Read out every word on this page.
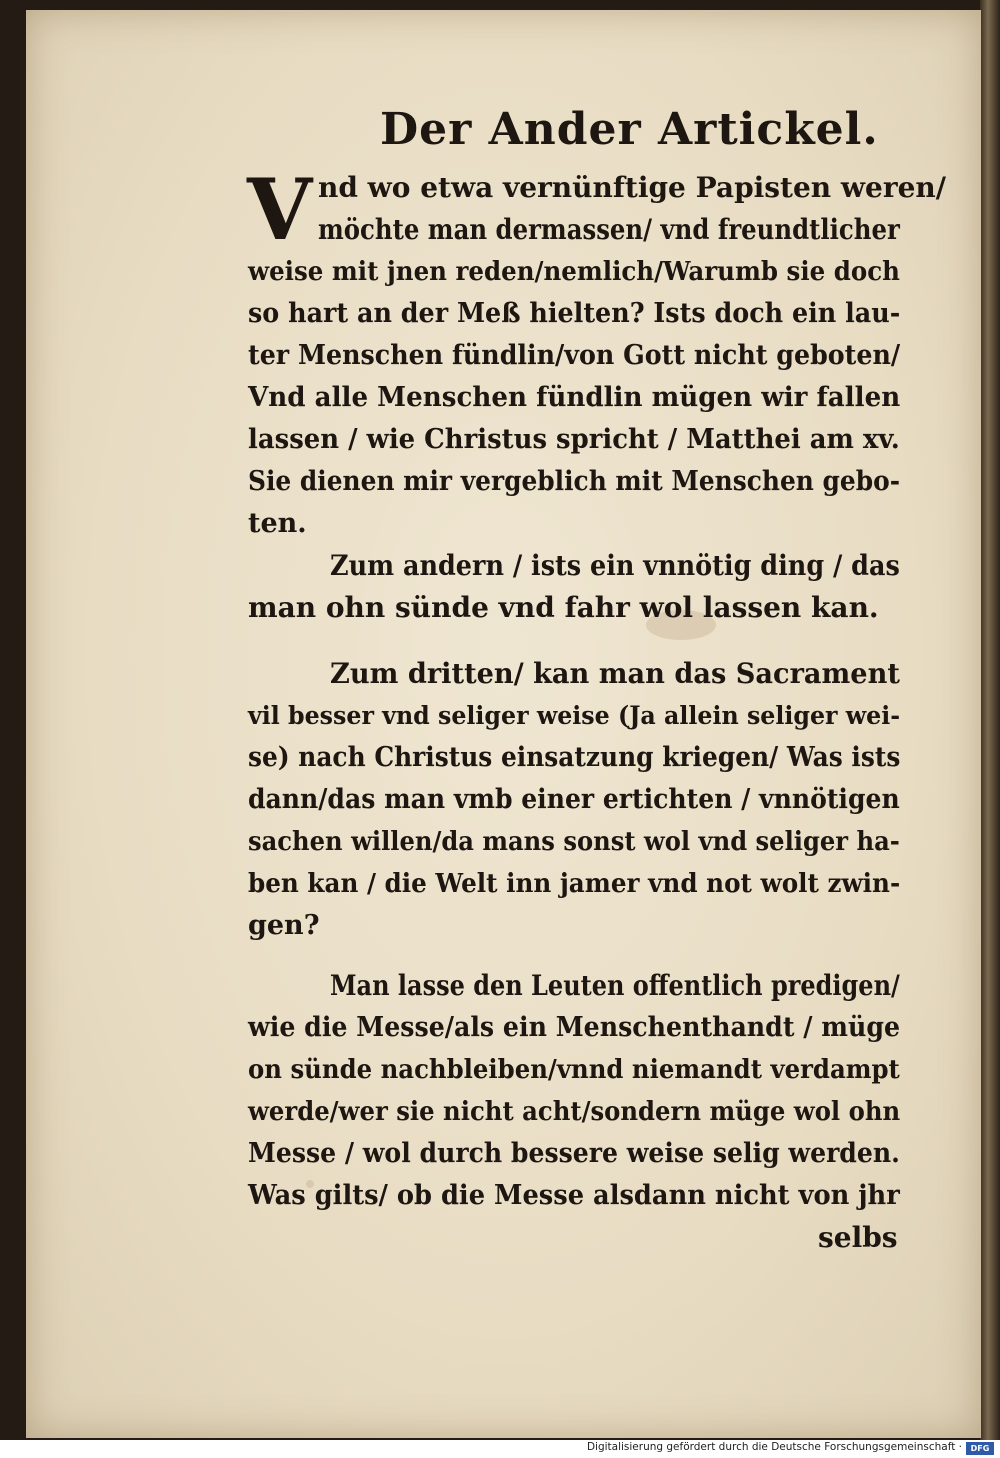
Der Ander Artickel.
V nd wo etwa vernünftige Papisten weren/
möchte man dermassen/ vnd freundtlicher
weise mit jnen reden/nemlich/Warumb sie doch
so hart an der Meß hielten? Ists doch ein lau-
ter Menschen fündlin/von Gott nicht geboten/
Vnd alle Menschen fündlin mügen wir fallen
lassen / wie Christus spricht / Matthei am xv.
Sie dienen mir vergeblich mit Menschen gebo-
ten.
Zum andern / ists ein vnnötig ding / das
man ohn sünde vnd fahr wol lassen kan.
Zum dritten/ kan man das Sacrament
vil besser vnd seliger weise (Ja allein seliger wei-
se) nach Christus einsatzung kriegen/ Was ists
dann/das man vmb einer ertichten / vnnötigen
sachen willen/da mans sonst wol vnd seliger ha-
ben kan / die Welt inn jamer vnd not wolt zwin-
gen?
Man lasse den Leuten offentlich predigen/
wie die Messe/als ein Menschenthandt / müge
on sünde nachbleiben/vnnd niemandt verdampt
werde/wer sie nicht acht/sondern müge wol ohn
Messe / wol durch bessere weise selig werden.
Was gilts/ ob die Messe alsdann nicht von jhr
selbs
Digitalisierung gefördert durch die Deutsche Forschungsgemeinschaft ·	DFG
